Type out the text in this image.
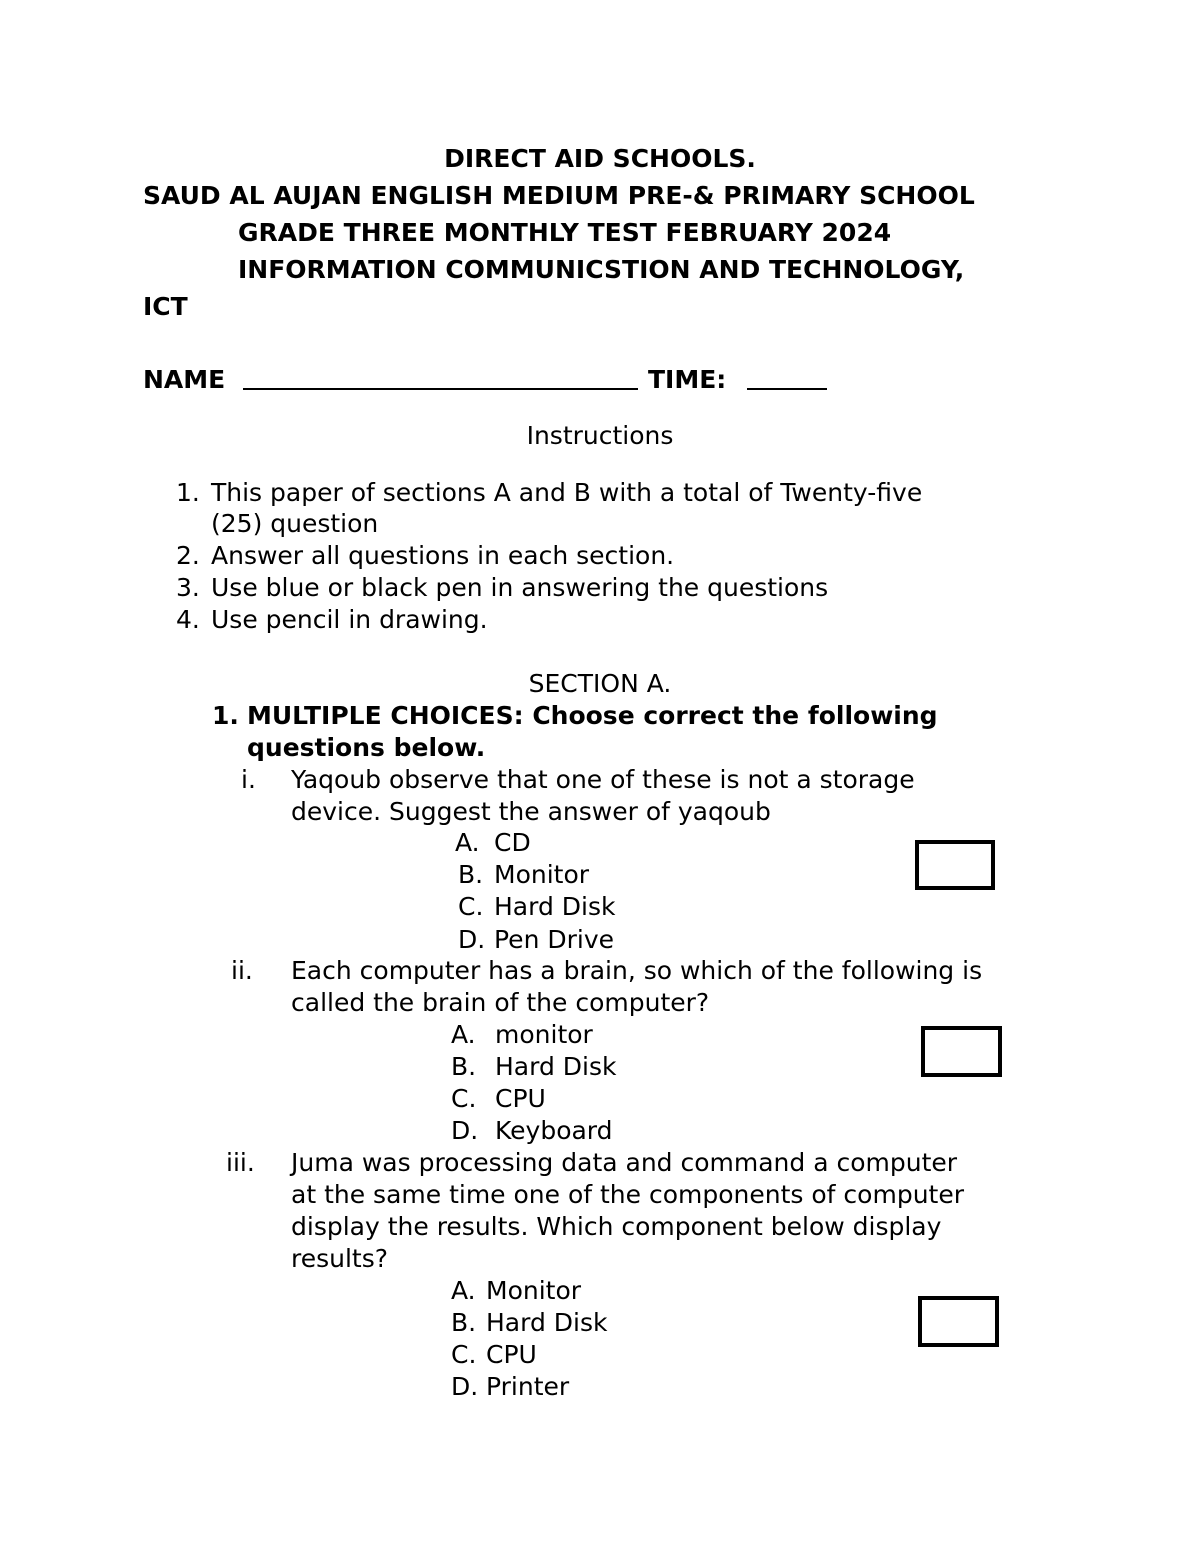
DIRECT AID SCHOOLS.
SAUD AL AUJAN ENGLISH MEDIUM PRE-& PRIMARY SCHOOL
GRADE THREE MONTHLY TEST FEBRUARY 2024
INFORMATION COMMUNICSTION AND TECHNOLOGY,
ICT
NAME	TIME:
Instructions
1. This paper of sections A and B with a total of Twenty-five
(25) question
2. Answer all questions in each section.
3. Use blue or black pen in answering the questions
4. Use pencil in drawing.
SECTION A.
1. MULTIPLE CHOICES: Choose correct the following
questions below.
i. Yaqoub observe that one of these is not a storage
device. Suggest the answer of yaqoub
A. CD
B. Monitor
C. Hard Disk
D. Pen Drive
ii. Each computer has a brain, so which of the following is
called the brain of the computer?
A. monitor
B. Hard Disk
C. CPU
D. Keyboard
iii. Juma was processing data and command a computer
at the same time one of the components of computer
display the results. Which component below display
results?
A. Monitor
B. Hard Disk
C. CPU
D. Printer
